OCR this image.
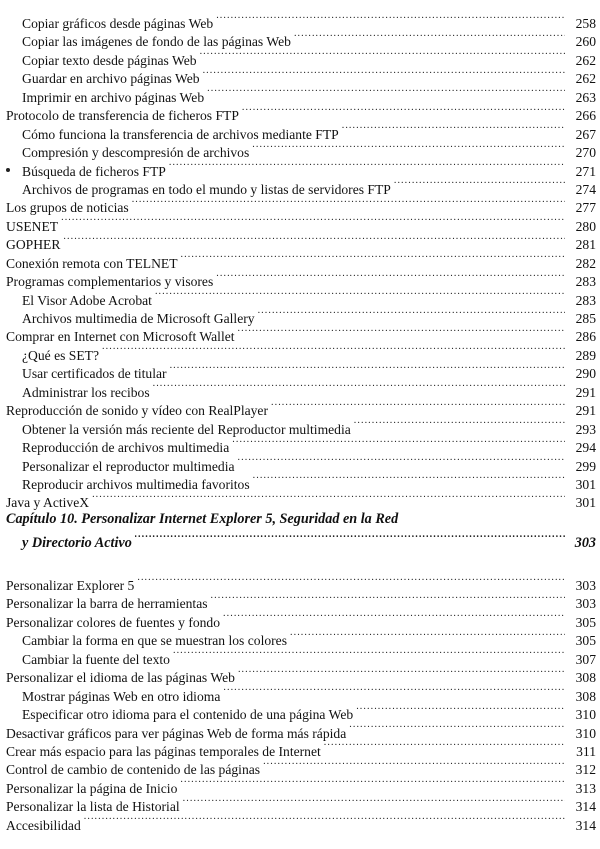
Copiar gráficos desde páginas Web .....	258
Copiar las imágenes de fondo de las páginas Web .....	260
Copiar texto desde páginas Web .....	262
Guardar en archivo páginas Web .....	262
Imprimir en archivo páginas Web .....	263
Protocolo de transferencia de ficheros FTP .....	266
Cómo funciona la transferencia de archivos mediante FTP .....	267
Compresión y descompresión de archivos .....	270
Búsqueda de ficheros FTP .....	271
Archivos de programas en todo el mundo y listas de servidores FTP .....	274
Los grupos de noticias .....	277
USENET .....	280
GOPHER .....	281
Conexión remota con TELNET .....	282
Programas complementarios y visores .....	283
El Visor Adobe Acrobat .....	283
Archivos multimedia de Microsoft Gallery .....	285
Comprar en Internet con Microsoft Wallet .....	286
¿Qué es SET? .....	289
Usar certificados de titular .....	290
Administrar los recibos .....	291
Reproducción de sonido y vídeo con RealPlayer .....	291
Obtener la versión más reciente del Reproductor multimedia .....	293
Reproducción de archivos multimedia .....	294
Personalizar el reproductor multimedia .....	299
Reproducir archivos multimedia favoritos .....	301
Java y ActiveX .....	301
Capítulo 10. Personalizar Internet Explorer 5, Seguridad en la Red
y Directorio Activo .....	303
Personalizar Explorer 5 .....	303
Personalizar la barra de herramientas .....	303
Personalizar colores de fuentes y fondo .....	305
Cambiar la forma en que se muestran los colores .....	305
Cambiar la fuente del texto .....	307
Personalizar el idioma de las páginas Web .....	308
Mostrar páginas Web en otro idioma .....	308
Especificar otro idioma para el contenido de una página Web .....	310
Desactivar gráficos para ver páginas Web de forma más rápida .....	310
Crear más espacio para las páginas temporales de Internet .....	311
Control de cambio de contenido de las páginas .....	312
Personalizar la página de Inicio .....	313
Personalizar la lista de Historial .....	314
Accesibilidad .....	314
